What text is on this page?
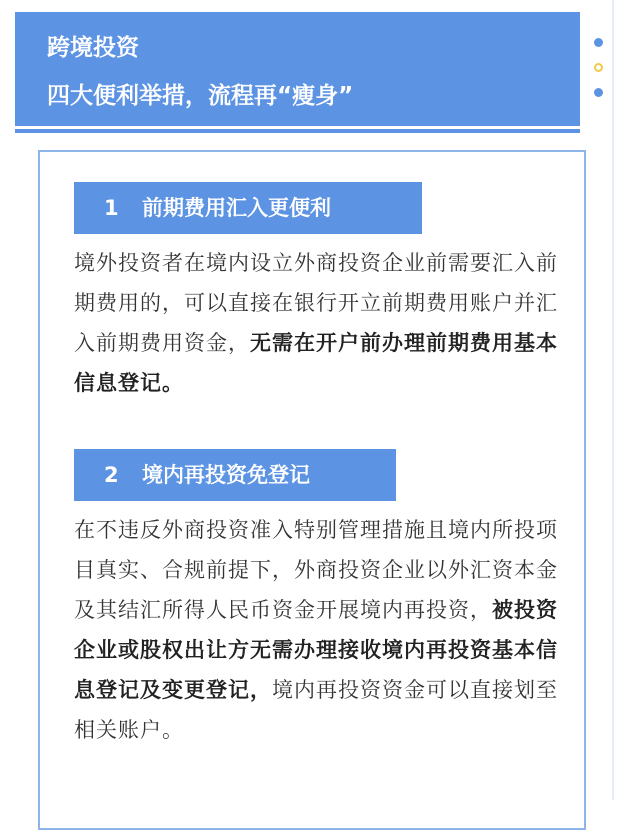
跨境投资
四大便利举措，流程再“瘦身”
1 前期费用汇入更便利

境外投资者在境内设立外商投资企业前需要汇入前期费用的，可以直接在银行开立前期费用账户并汇入前期费用资金，无需在开户前办理前期费用基本信息登记。

2 境内再投资免登记

在不违反外商投资准入特别管理措施且境内所投项目真实、合规前提下，外商投资企业以外汇资本金及其结汇所得人民币资金开展境内再投资，被投资企业或股权出让方无需办理接收境内再投资基本信息登记及变更登记，境内再投资资金可以直接划至相关账户。
